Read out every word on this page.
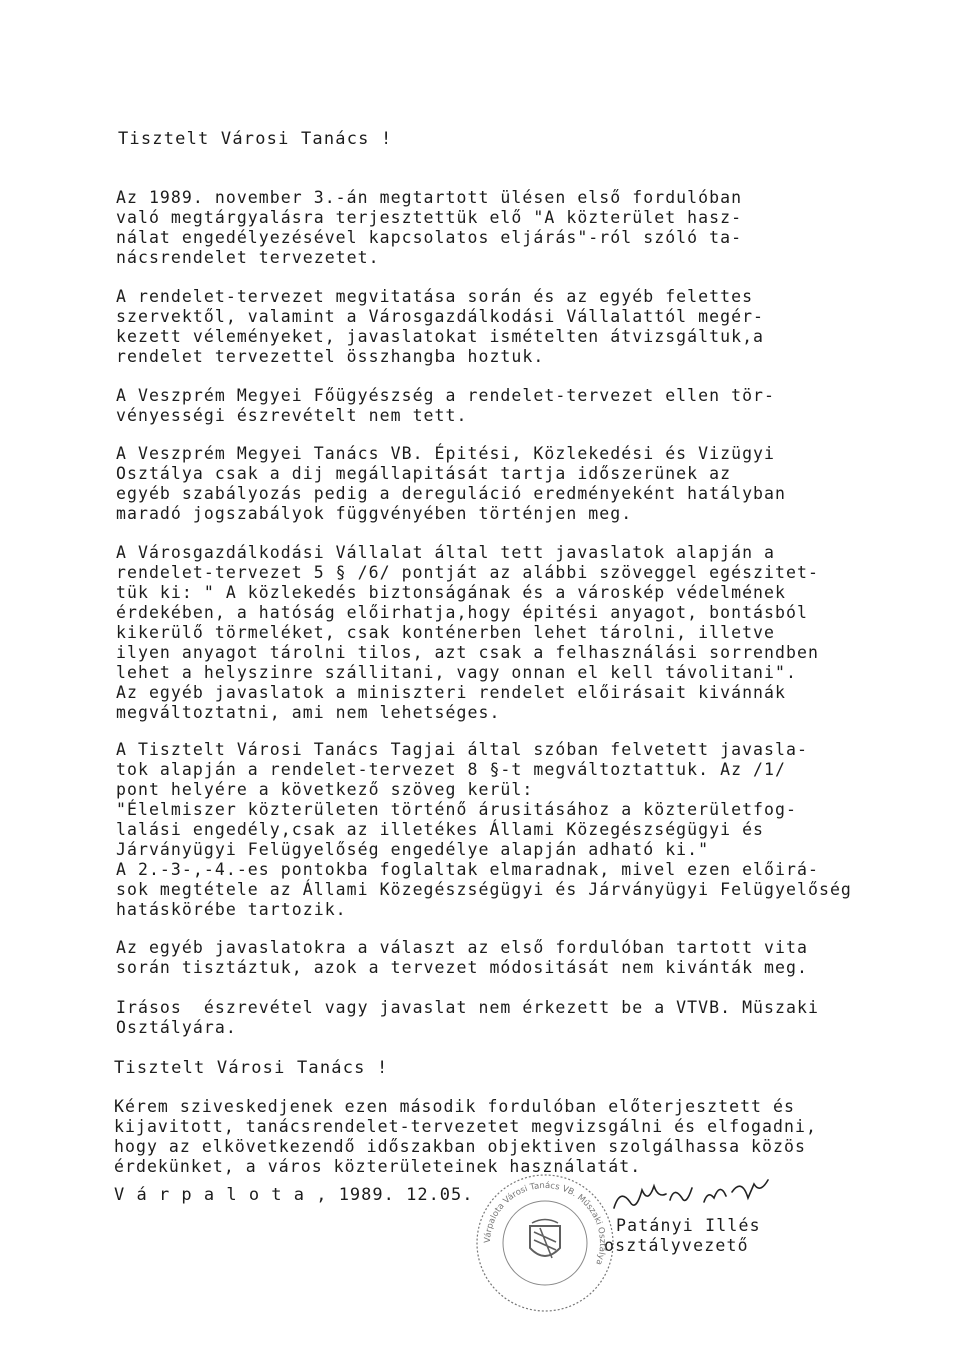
Tisztelt Városi Tanács !
Az 1989. november 3.-án megtartott ülésen első fordulóban
való megtárgyalásra terjesztettük elő "A közterület hasz-
nálat engedélyezésével kapcsolatos eljárás"-ról szóló ta-
nácsrendelet tervezetet.
A rendelet-tervezet megvitatása során és az egyéb felettes
szervektől, valamint a Városgazdálkodási Vállalattól megér-
kezett véleményeket, javaslatokat ismételten átvizsgáltuk,a
rendelet tervezettel összhangba hoztuk.
A Veszprém Megyei Főügyészség a rendelet-tervezet ellen tör-
vényességi észrevételt nem tett.
A Veszprém Megyei Tanács VB. Épitési, Közlekedési és Vizügyi
Osztálya csak a dij megállapitását tartja időszerünek az
egyéb szabályozás pedig a dereguláció eredményeként hatályban
maradó jogszabályok függvényében történjen meg.
A Városgazdálkodási Vállalat által tett javaslatok alapján a
rendelet-tervezet 5 § /6/ pontját az alábbi szöveggel egészitet-
tük ki: " A közlekedés biztonságának és a városkép védelmének
érdekében, a hatóság előirhatja,hogy épitési anyagot, bontásból
kikerülő törmeléket, csak konténerben lehet tárolni, illetve
ilyen anyagot tárolni tilos, azt csak a felhasználási sorrendben
lehet a helyszinre szállitani, vagy onnan el kell távolitani".
Az egyéb javaslatok a miniszteri rendelet előirásait kivánnák
megváltoztatni, ami nem lehetséges.
A Tisztelt Városi Tanács Tagjai által szóban felvetett javasla-
tok alapján a rendelet-tervezet 8 §-t megváltoztattuk. Az /1/
pont helyére a következő szöveg kerül:
"Élelmiszer közterületen történő árusitásához a közterületfog-
lalási engedély,csak az illetékes Állami Közegészségügyi és
Járványügyi Felügyelőség engedélye alapján adható ki."
A 2.-3-,-4.-es pontokba foglaltak elmaradnak, mivel ezen előirá-
sok megtétele az Állami Közegészségügyi és Járványügyi Felügyelőség
hatáskörébe tartozik.
Az egyéb javaslatokra a választ az első fordulóban tartott vita
során tisztáztuk, azok a tervezet módositását nem kivánták meg.
Irásos  észrevétel vagy javaslat nem érkezett be a VTVB. Müszaki
Osztályára.
Tisztelt Városi Tanács !
Kérem sziveskedjenek ezen második fordulóban előterjesztett és
kijavitott, tanácsrendelet-tervezetet megvizsgálni és elfogadni,
hogy az elkövetkezendő időszakban objektiven szolgálhassa közös
érdekünket, a város közterületeinek használatát.
V á r p a l o t a , 1989. 12.05.
Várpalota Városi Tanács VB. Műszaki Osztálya
Patányi Illés
osztályvezető
